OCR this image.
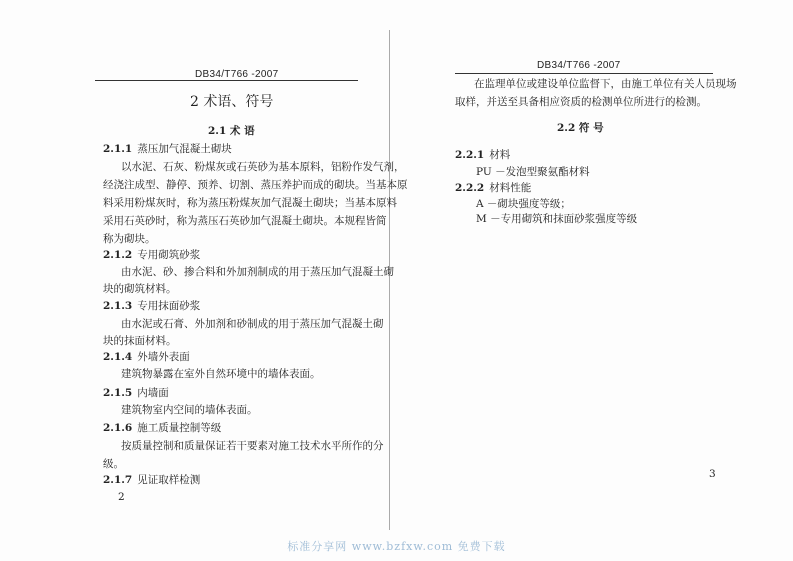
DB34/T766 -2007
2 术语、符号
2.1 术 语
2.1.1 蒸压加气混凝土砌块
以水泥、石灰、粉煤灰或石英砂为基本原料，铝粉作发气剂，
经浇注成型、静停、预养、切割、蒸压养护而成的砌块。当基本原
料采用粉煤灰时，称为蒸压粉煤灰加气混凝土砌块；当基本原料
采用石英砂时，称为蒸压石英砂加气混凝土砌块。本规程皆简
称为砌块。
2.1.2 专用砌筑砂浆
由水泥、砂、掺合料和外加剂制成的用于蒸压加气混凝土砌
块的砌筑材料。
2.1.3 专用抹面砂浆
由水泥或石膏、外加剂和砂制成的用于蒸压加气混凝土砌
块的抹面材料。
2.1.4 外墙外表面
建筑物暴露在室外自然环境中的墙体表面。
2.1.5 内墙面
建筑物室内空间的墙体表面。
2.1.6 施工质量控制等级
按质量控制和质量保证若干要素对施工技术水平所作的分
级。
2.1.7 见证取样检测
2
DB34/T766 -2007
在监理单位或建设单位监督下，由施工单位有关人员现场
取样，并送至具备相应资质的检测单位所进行的检测。
2.2 符 号
2.2.1 材料
PU －发泡型聚氨酯材料
2.2.2 材料性能
A －砌块强度等级；
M －专用砌筑和抹面砂浆强度等级
3
标准分享网 www.bzfxw.com 免费下载
